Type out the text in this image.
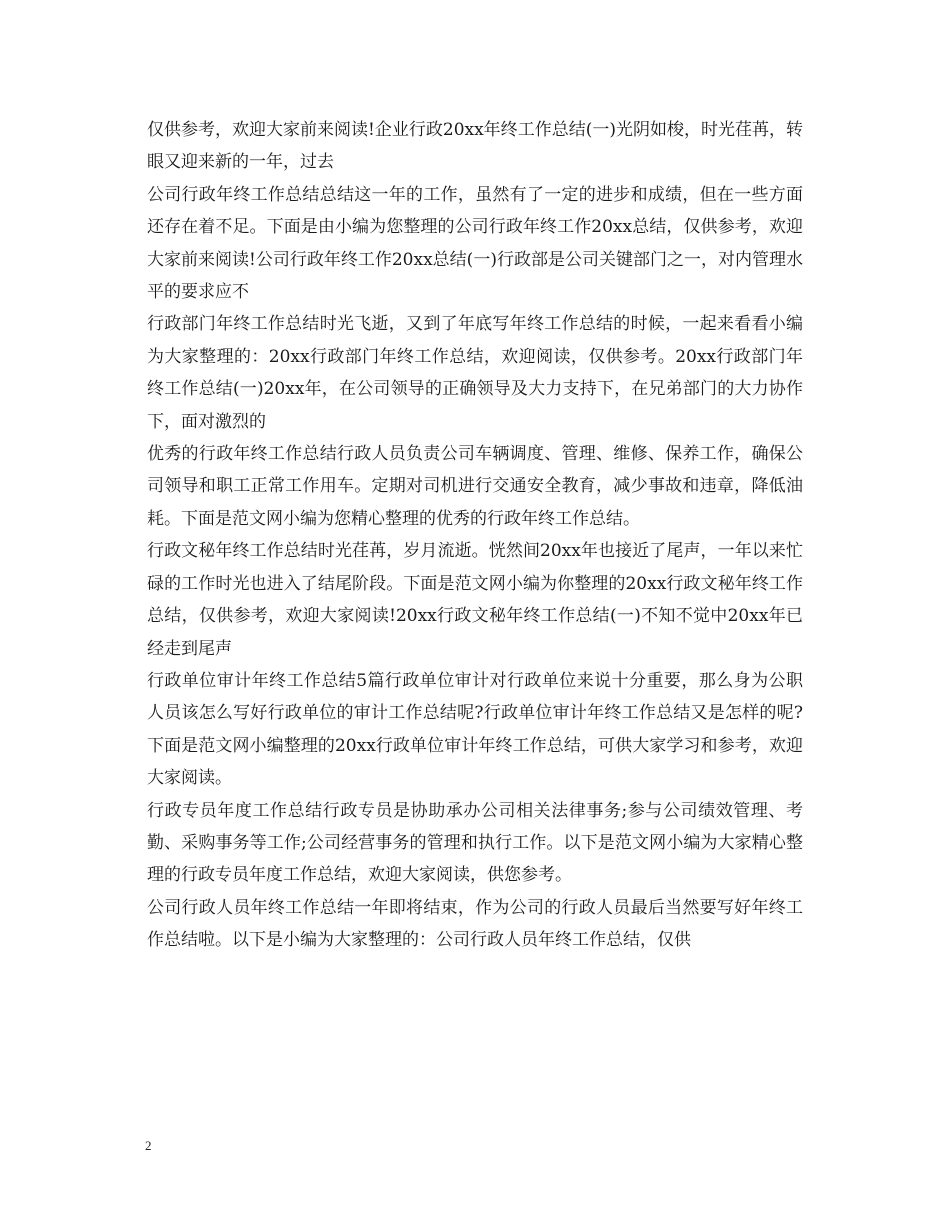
仅供参考，欢迎大家前来阅读!企业行政20xx年终工作总结(一)光阴如梭，时光荏苒，转眼又迎来新的一年，过去

公司行政年终工作总结总结这一年的工作，虽然有了一定的进步和成绩，但在一些方面还存在着不足。下面是由小编为您整理的公司行政年终工作20xx总结，仅供参考，欢迎大家前来阅读!公司行政年终工作20xx总结(一)行政部是公司关键部门之一，对内管理水平的要求应不

行政部门年终工作总结时光飞逝，又到了年底写年终工作总结的时候，一起来看看小编为大家整理的：20xx行政部门年终工作总结，欢迎阅读，仅供参考。20xx行政部门年终工作总结(一)20xx年，在公司领导的正确领导及大力支持下，在兄弟部门的大力协作下，面对激烈的

优秀的行政年终工作总结行政人员负责公司车辆调度、管理、维修、保养工作，确保公司领导和职工正常工作用车。定期对司机进行交通安全教育，减少事故和违章，降低油耗。下面是范文网小编为您精心整理的优秀的行政年终工作总结。

行政文秘年终工作总结时光荏苒，岁月流逝。恍然间20xx年也接近了尾声，一年以来忙碌的工作时光也进入了结尾阶段。下面是范文网小编为你整理的20xx行政文秘年终工作总结，仅供参考，欢迎大家阅读!20xx行政文秘年终工作总结(一)不知不觉中20xx年已经走到尾声

行政单位审计年终工作总结5篇行政单位审计对行政单位来说十分重要，那么身为公职人员该怎么写好行政单位的审计工作总结呢?行政单位审计年终工作总结又是怎样的呢?下面是范文网小编整理的20xx行政单位审计年终工作总结，可供大家学习和参考，欢迎大家阅读。

行政专员年度工作总结行政专员是协助承办公司相关法律事务;参与公司绩效管理、考勤、采购事务等工作;公司经营事务的管理和执行工作。以下是范文网小编为大家精心整理的行政专员年度工作总结，欢迎大家阅读，供您参考。

公司行政人员年终工作总结一年即将结束，作为公司的行政人员最后当然要写好年终工作总结啦。以下是小编为大家整理的：公司行政人员年终工作总结，仅供

2
